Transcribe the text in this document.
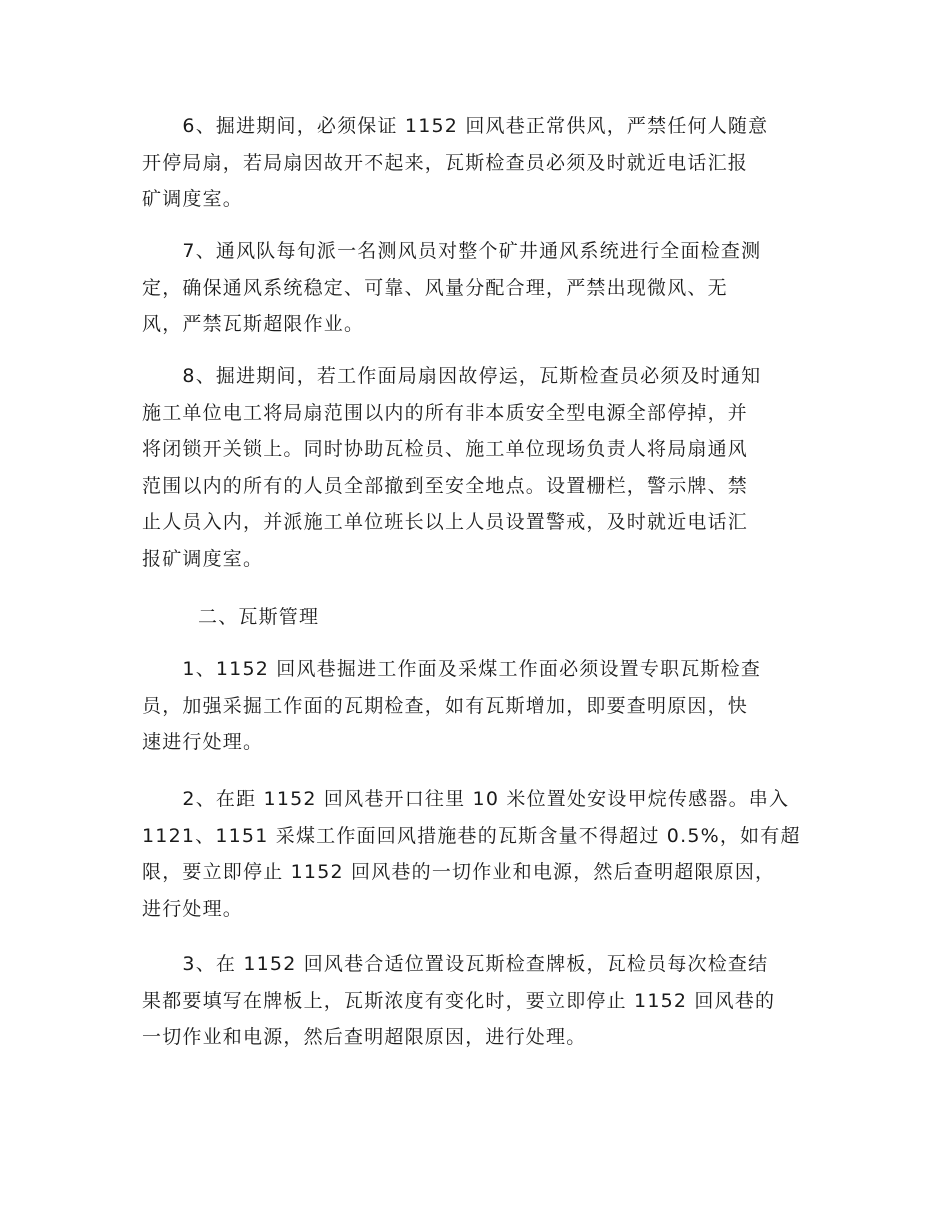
　　6、掘进期间，必须保证 1152 回风巷正常供风，严禁任何人随意
开停局扇，若局扇因故开不起来，瓦斯检查员必须及时就近电话汇报
矿调度室。
　　7、通风队每旬派一名测风员对整个矿井通风系统进行全面检查测
定，确保通风系统稳定、可靠、风量分配合理，严禁出现微风、无
风，严禁瓦斯超限作业。
　　8、掘进期间，若工作面局扇因故停运，瓦斯检查员必须及时通知
施工单位电工将局扇范围以内的所有非本质安全型电源全部停掉，并
将闭锁开关锁上。同时协助瓦检员、施工单位现场负责人将局扇通风
范围以内的所有的人员全部撤到至安全地点。设置栅栏，警示牌、禁
止人员入内，并派施工单位班长以上人员设置警戒，及时就近电话汇
报矿调度室。
二、瓦斯管理
　　1、1152 回风巷掘进工作面及采煤工作面必须设置专职瓦斯检查
员，加强采掘工作面的瓦期检查，如有瓦斯增加，即要查明原因，快
速进行处理。
　　2、在距 1152 回风巷开口往里 10 米位置处安设甲烷传感器。串入
1121、1151 采煤工作面回风措施巷的瓦斯含量不得超过 0.5%，如有超
限，要立即停止 1152 回风巷的一切作业和电源，然后查明超限原因，
进行处理。
　　3、在 1152 回风巷合适位置设瓦斯检查牌板，瓦检员每次检查结
果都要填写在牌板上，瓦斯浓度有变化时，要立即停止 1152 回风巷的
一切作业和电源，然后查明超限原因，进行处理。
